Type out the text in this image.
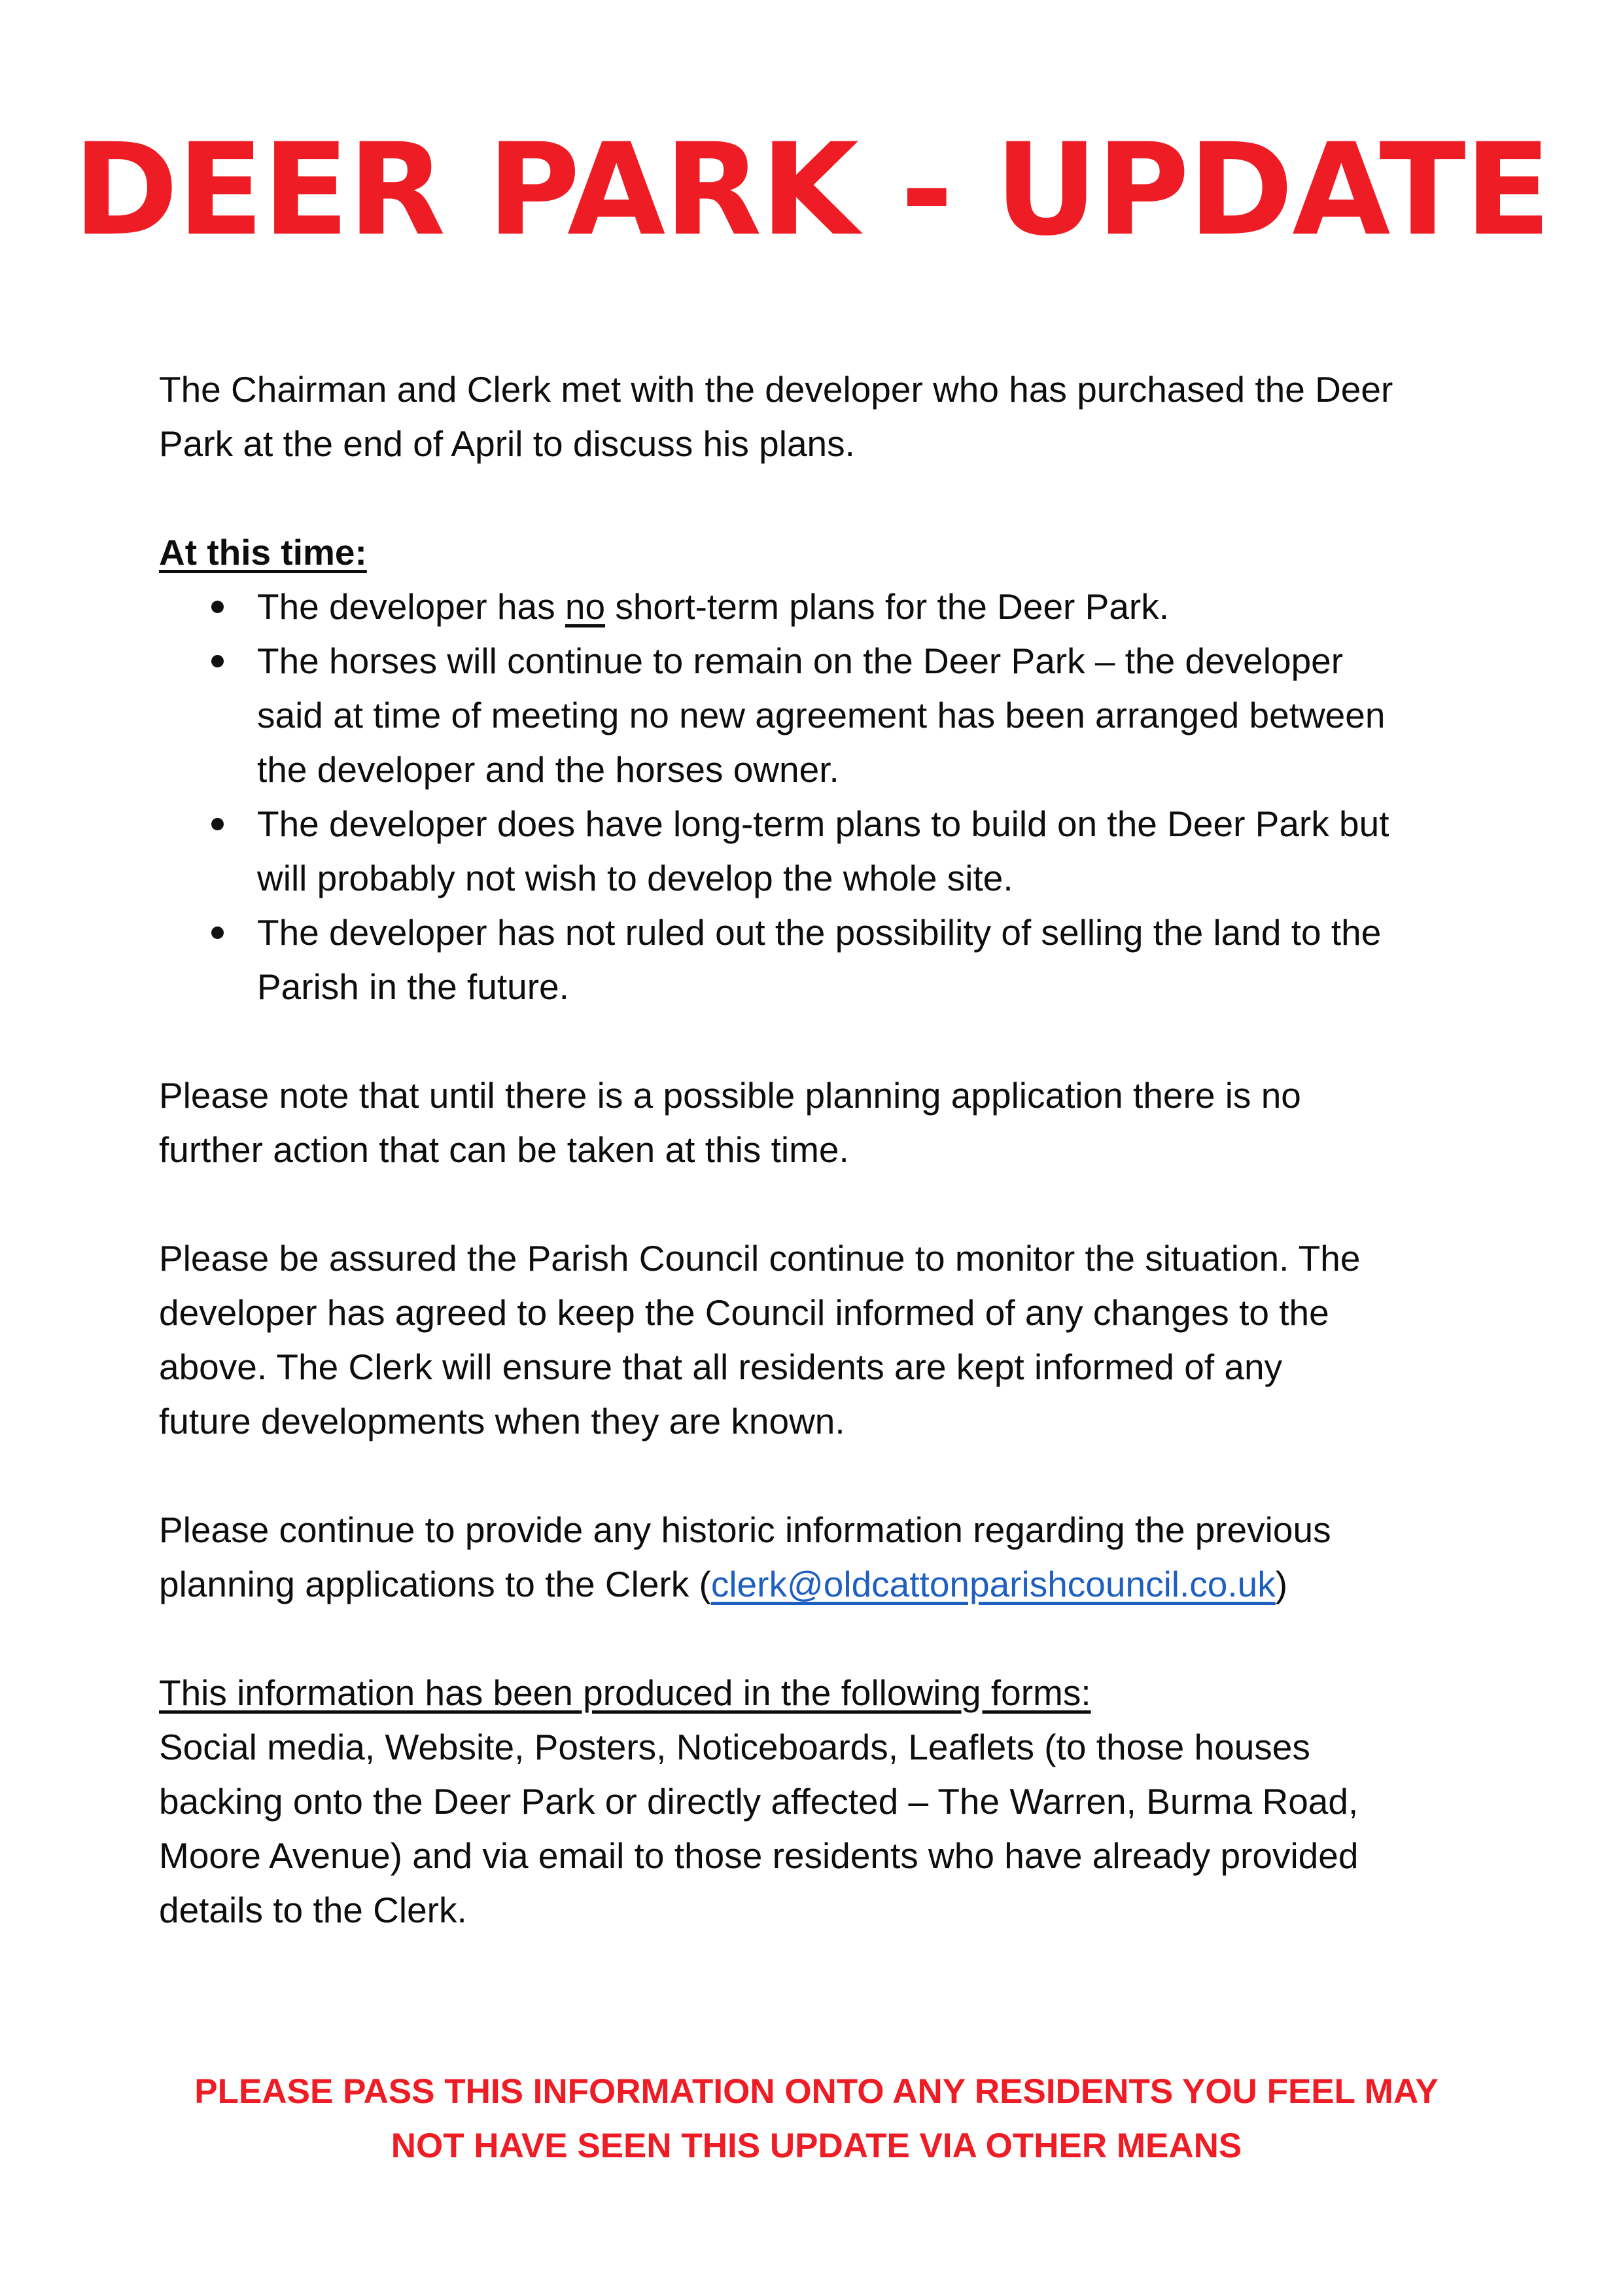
DEER PARK - UPDATE

The Chairman and Clerk met with the developer who has purchased the Deer
Park at the end of April to discuss his plans.

At this time:

The developer has no short-term plans for the Deer Park.
The horses will continue to remain on the Deer Park – the developer
said at time of meeting no new agreement has been arranged between
the developer and the horses owner.
The developer does have long-term plans to build on the Deer Park but
will probably not wish to develop the whole site.
The developer has not ruled out the possibility of selling the land to the
Parish in the future.

Please note that until there is a possible planning application there is no
further action that can be taken at this time.

Please be assured the Parish Council continue to monitor the situation. The
developer has agreed to keep the Council informed of any changes to the
above. The Clerk will ensure that all residents are kept informed of any
future developments when they are known.

Please continue to provide any historic information regarding the previous
planning applications to the Clerk (clerk@oldcattonparishcouncil.co.uk)

This information has been produced in the following forms:
Social media, Website, Posters, Noticeboards, Leaflets (to those houses
backing onto the Deer Park or directly affected – The Warren, Burma Road,
Moore Avenue) and via email to those residents who have already provided
details to the Clerk.

PLEASE PASS THIS INFORMATION ONTO ANY RESIDENTS YOU FEEL MAY
NOT HAVE SEEN THIS UPDATE VIA OTHER MEANS
